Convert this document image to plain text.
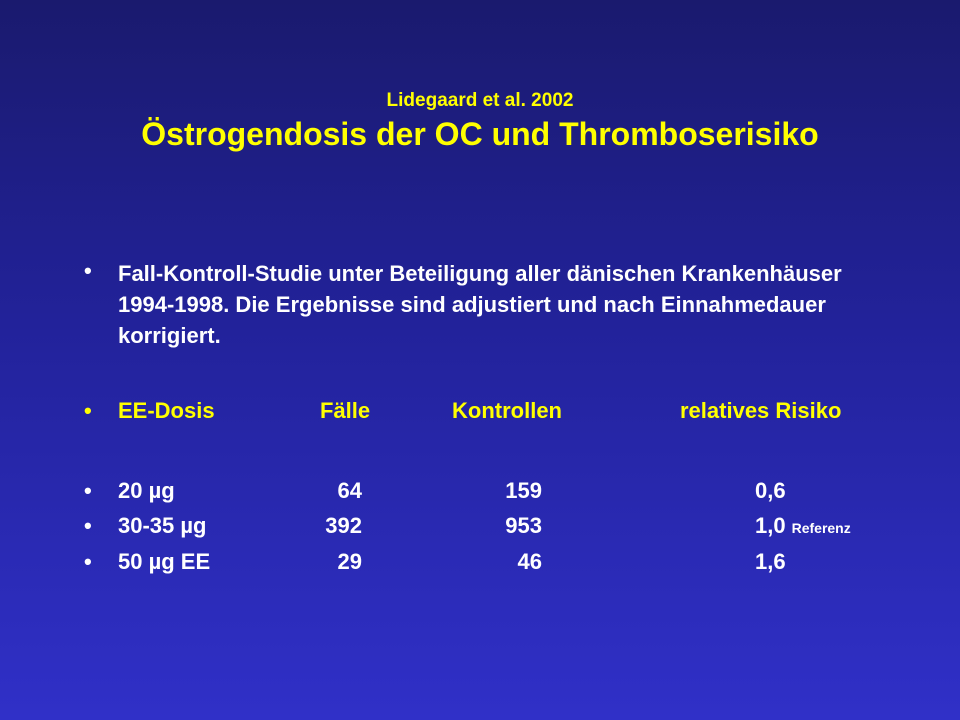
Lidegaard et al. 2002
Östrogendosis der OC und Thromboserisiko
• Fall-Kontroll-Studie unter Beteiligung aller dänischen Krankenhäuser 1994-1998. Die Ergebnisse sind adjustiert und nach Einnahmedauer korrigiert.
• EE-Dosis	Fälle	Kontrollen	relatives Risiko
• 20 µg	64	159	0,6
• 30-35 µg	392	953	1,0 Referenz
• 50 µg EE	29	46	1,6
